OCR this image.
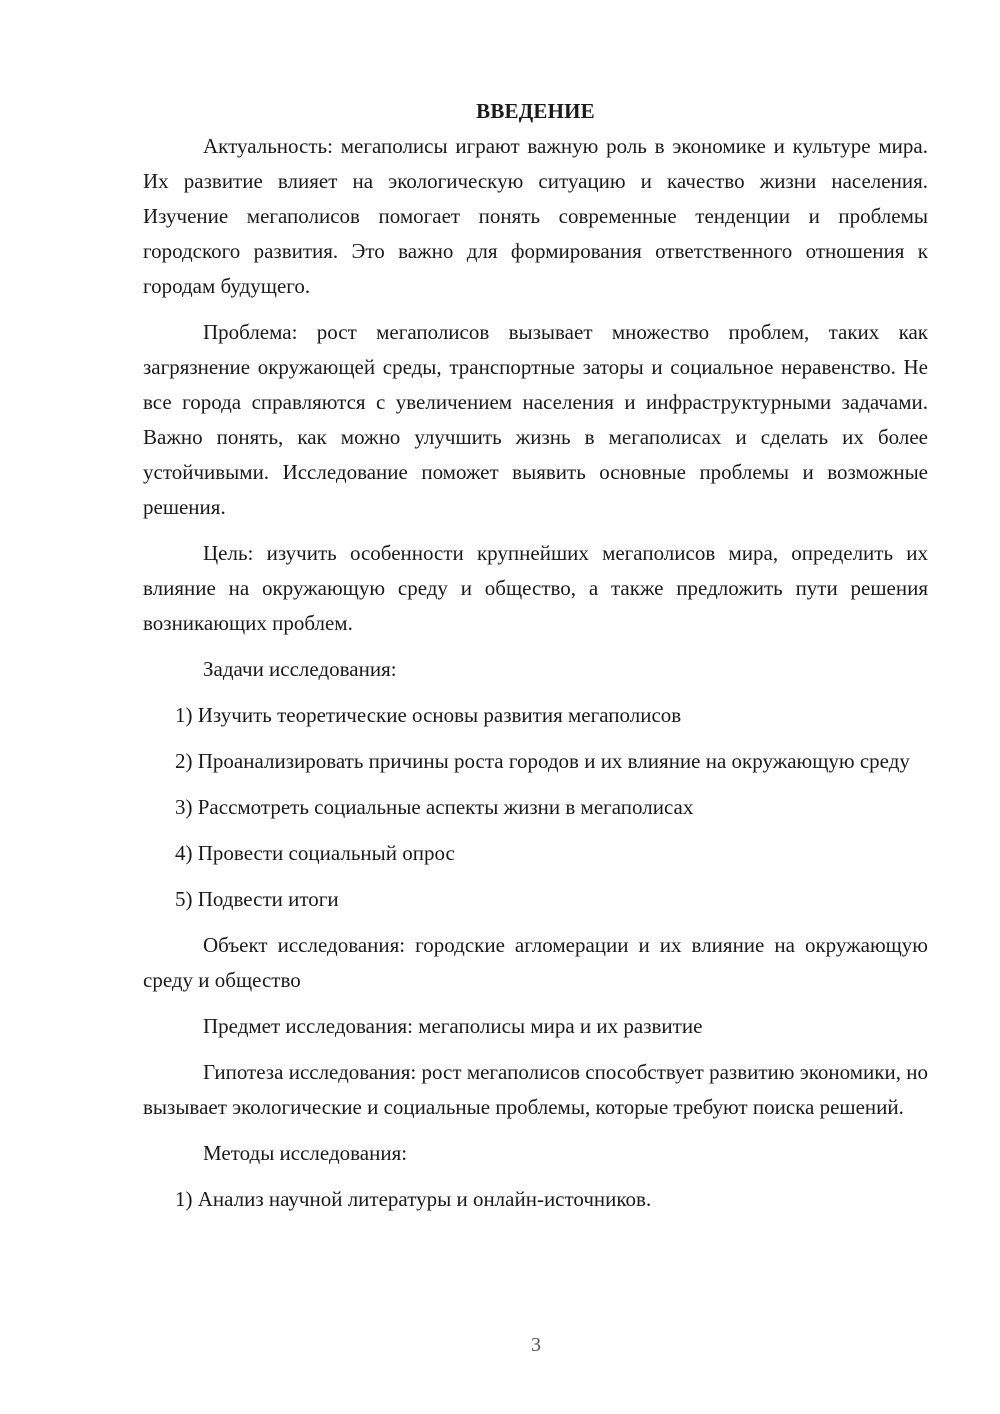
ВВЕДЕНИЕ

Актуальность: мегаполисы играют важную роль в экономике и культуре мира. Их развитие влияет на экологическую ситуацию и качество жизни населения. Изучение мегаполисов помогает понять современные тенденции и проблемы городского развития. Это важно для формирования ответственного отношения к городам будущего.

Проблема: рост мегаполисов вызывает множество проблем, таких как загрязнение окружающей среды, транспортные заторы и социальное неравенство. Не все города справляются с увеличением населения и инфраструктурными задачами. Важно понять, как можно улучшить жизнь в мегаполисах и сделать их более устойчивыми. Исследование поможет выявить основные проблемы и возможные решения.

Цель: изучить особенности крупнейших мегаполисов мира, определить их влияние на окружающую среду и общество, а также предложить пути решения возникающих проблем.

Задачи исследования:

1) Изучить теоретические основы развития мегаполисов

2) Проанализировать причины роста городов и их влияние на окружающую среду

3) Рассмотреть социальные аспекты жизни в мегаполисах

4) Провести социальный опрос

5) Подвести итоги

Объект исследования: городские агломерации и их влияние на окружающую среду и общество

Предмет исследования: мегаполисы мира и их развитие

Гипотеза исследования: рост мегаполисов способствует развитию экономики, но вызывает экологические и социальные проблемы, которые требуют поиска решений.

Методы исследования:

1) Анализ научной литературы и онлайн-источников.

3
